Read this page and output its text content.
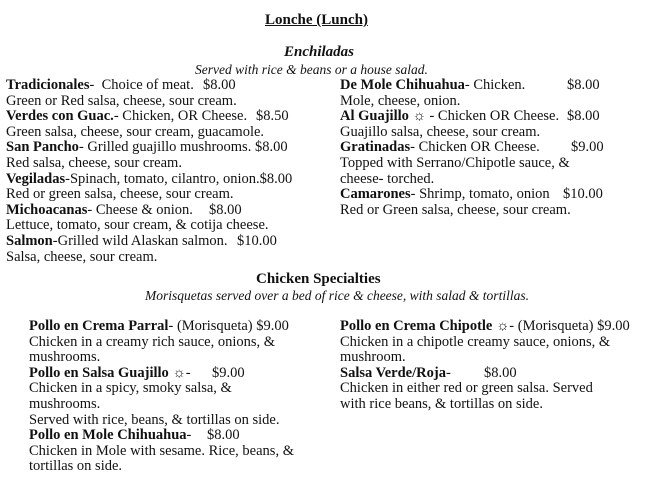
Lonche (Lunch)
Enchiladas
Served with rice & beans or a house salad.
Tradicionales-  Choice of meat. $8.00
Green or Red salsa, cheese, sour cream.
Verdes con Guac.- Chicken, OR Cheese. $8.50
Green salsa, cheese, sour cream, guacamole.
San Pancho- Grilled guajillo mushrooms. $8.00
Red salsa, cheese, sour cream.
Vegiladas-Spinach, tomato, cilantro, onion.$8.00
Red or green salsa, cheese, sour cream.
Michoacanas- Cheese & onion. $8.00
Lettuce, tomato, sour cream, & cotija cheese.
Salmon-Grilled wild Alaskan salmon. $10.00
Salsa, cheese, sour cream.
De Mole Chihuahua- Chicken.	$8.00
Mole, cheese, onion.
Al Guajillo ☼ - Chicken OR Cheese. $8.00
Guajillo salsa, cheese, sour cream.
Gratinadas- Chicken OR Cheese. $9.00
Topped with Serrano/Chipotle sauce, &
cheese- torched.
Camarones- Shrimp, tomato, onion $10.00
Red or Green salsa, cheese, sour cream.
Chicken Specialties
Morisquetas served over a bed of rice & cheese, with salad & tortillas.
Pollo en Crema Parral- (Morisqueta) $9.00
Chicken in a creamy rich sauce, onions, &
mushrooms.
Pollo en Salsa Guajillo ☼- $9.00
Chicken in a spicy, smoky salsa, &
mushrooms.
Served with rice, beans, & tortillas on side.
Pollo en Mole Chihuahua- $8.00
Chicken in Mole with sesame. Rice, beans, &
tortillas on side.
Pollo en Crema Chipotle ☼- (Morisqueta) $9.00
Chicken in a chipotle creamy sauce, onions, &
mushroom.
Salsa Verde/Roja- $8.00
Chicken in either red or green salsa. Served
with rice beans, & tortillas on side.
